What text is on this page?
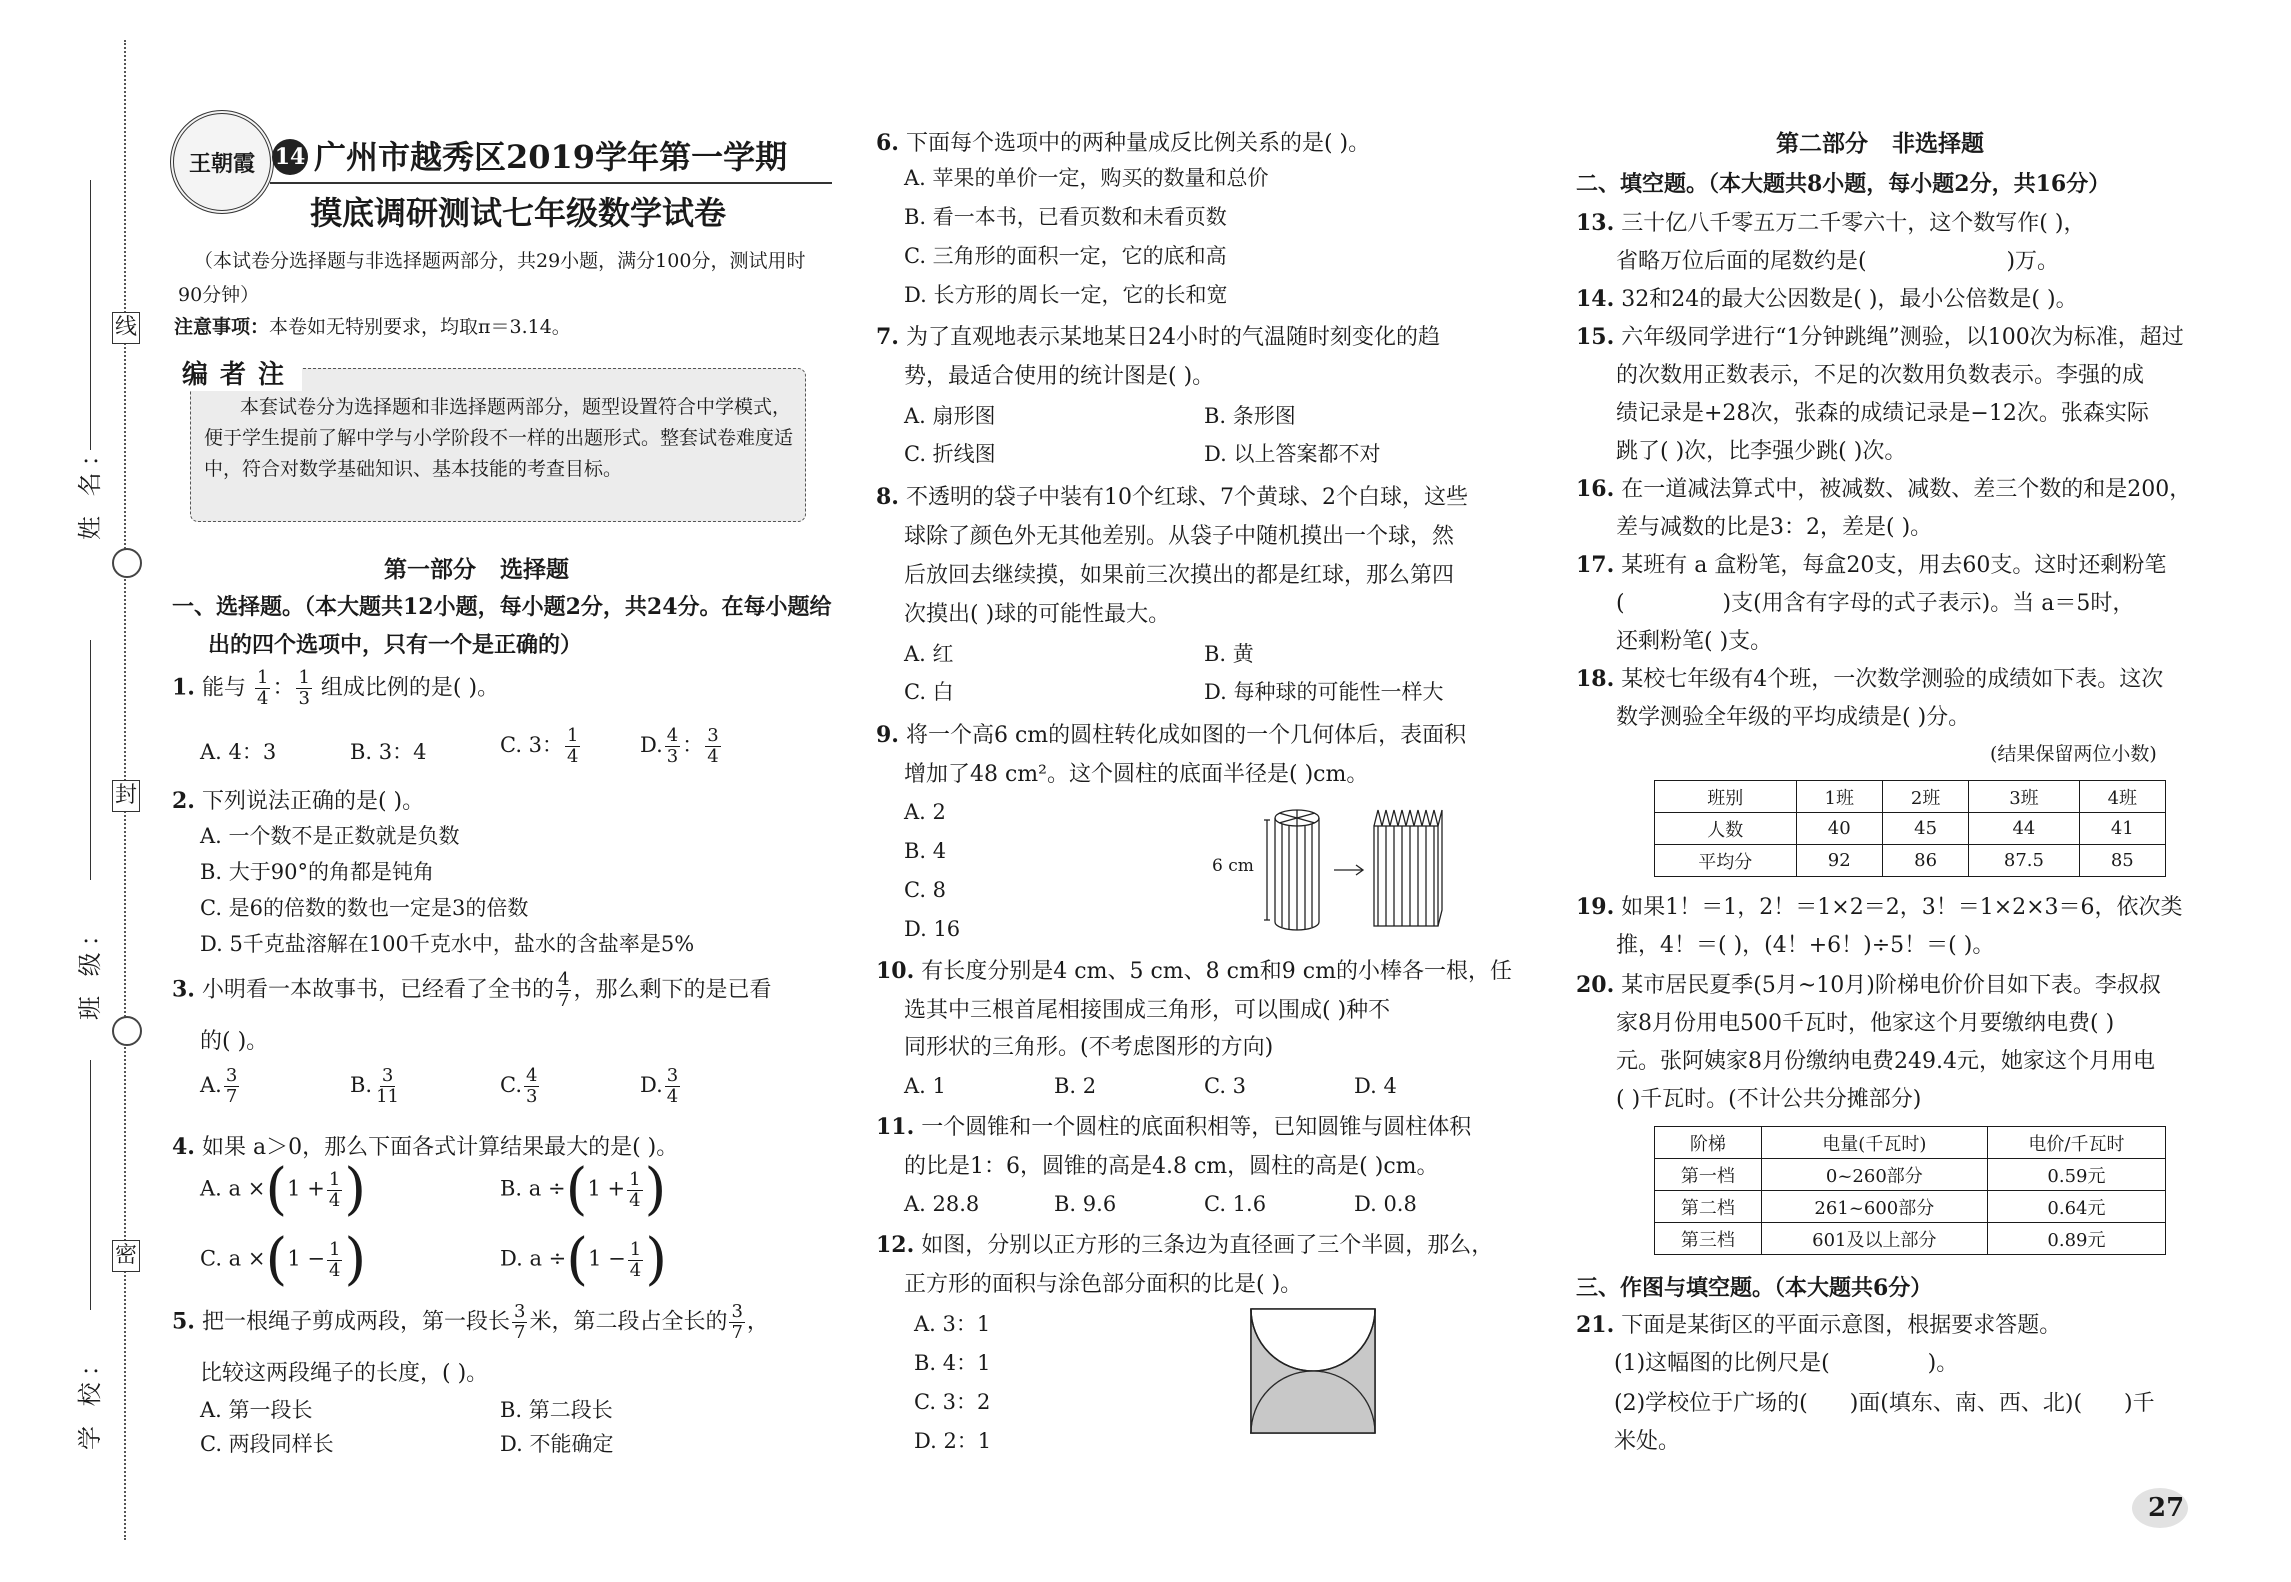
线
封
密
姓 名：
班 级：
学 校：
王朝霞 14 广州市越秀区2019学年第一学期
摸底调研测试七年级数学试卷
（本试卷分选择题与非选择题两部分，共29小题，满分100分，测试用时90分钟）
注意事项：本卷如无特别要求，均取π＝3.14。
编者注
本套试卷分为选择题和非选择题两部分，题型设置符合中学模式，便于学生提前了解中学与小学阶段不一样的出题形式。整套试卷难度适中，符合对数学基础知识、基本技能的考查目标。
第一部分   选择题
一、选择题。（本大题共12小题，每小题2分，共24分。在每小题给出的四个选项中，只有一个是正确的）
1. 能与 $\frac{1}{4}$ ： $\frac{1}{3}$ 组成比例的是( )。
A. 4：3	B. 3：4	C. 3： $\frac{1}{4}$	D. $\frac{4}{3}$ ： $\frac{3}{4}$
2. 下列说法正确的是( )。
A. 一个数不是正数就是负数
B. 大于90°的角都是钝角
C. 是6的倍数的数也一定是3的倍数
D. 5千克盐溶解在100千克水中，盐水的含盐率是5%
3. 小明看一本故事书，已经看了全书的 $\frac{4}{7}$ ，那么剩下的是已看
的( )。
A. $\frac{3}{7}$	B. $\frac{3}{11}$	C. $\frac{4}{3}$	D. $\frac{3}{4}$
4. 如果 a＞0，那么下面各式计算结果最大的是( )。
A. $a \times(1 + \frac{1}{4}$ )	B. $a \div(1 + \frac{1}{4}$ )
C. $a \times(1 - \frac{1}{4}$ )	D. $a \div(1 - \frac{1}{4}$ )
5. 把一根绳子剪成两段，第一段长 $\frac{3}{7}$ 米，第二段占全长的 $\frac{3}{7}$ ，
比较这两段绳子的长度，( )。
A. 第一段长	B. 第二段长
C. 两段同样长	D. 不能确定
6. 下面每个选项中的两种量成反比例关系的是( )。
A. 苹果的单价一定，购买的数量和总价
B. 看一本书，已看页数和未看页数
C. 三角形的面积一定，它的底和高
D. 长方形的周长一定，它的长和宽
7. 为了直观地表示某地某日24小时的气温随时刻变化的趋
势，最适合使用的统计图是( )。
A. 扇形图	B. 条形图
C. 折线图	D. 以上答案都不对
8. 不透明的袋子中装有10个红球、7个黄球、2个白球，这些
球除了颜色外无其他差别。从袋子中随机摸出一个球，然
后放回去继续摸，如果前三次摸出的都是红球，那么第四
次摸出( )球的可能性最大。
A. 红	B. 黄
C. 白	D. 每种球的可能性一样大
9. 将一个高6 cm的圆柱转化成如图的一个几何体后，表面积
增加了48 cm²。这个圆柱的底面半径是( )cm。
A. 2
B. 4
C. 8
D. 16
6 cm
10. 有长度分别是4 cm、5 cm、8 cm和9 cm的小棒各一根，任
选其中三根首尾相接围成三角形，可以围成( )种不
同形状的三角形。(不考虑图形的方向)
A. 1	B. 2	C. 3	D. 4
11. 一个圆锥和一个圆柱的底面积相等，已知圆锥与圆柱体积
的比是1：6，圆锥的高是4.8 cm，圆柱的高是( )cm。
A. 28.8	B. 9.6	C. 1.6	D. 0.8
12. 如图，分别以正方形的三条边为直径画了三个半圆，那么，
正方形的面积与涂色部分面积的比是( )。
A. 3：1
B. 4：1
C. 3：2
D. 2：1
第二部分   非选择题
二、填空题。（本大题共8小题，每小题2分，共16分）
13. 三十亿八千零五万二千零六十，这个数写作( )，
省略万位后面的尾数约是(                    )万。
14. 32和24的最大公因数是( )，最小公倍数是( )。
15. 六年级同学进行“1分钟跳绳”测验，以100次为标准，超过
的次数用正数表示，不足的次数用负数表示。李强的成
绩记录是+28次，张森的成绩记录是−12次。张森实际
跳了( )次，比李强少跳( )次。
16. 在一道减法算式中，被减数、减数、差三个数的和是200，
差与减数的比是3：2，差是( )。
17. 某班有 a 盒粉笔，每盒20支，用去60支。这时还剩粉笔
(              )支(用含有字母的式子表示)。当 a＝5时，
还剩粉笔( )支。
18. 某校七年级有4个班，一次数学测验的成绩如下表。这次
数学测验全年级的平均成绩是( )分。
(结果保留两位小数)
班别	1班	2班	3班	4班
人数	40	45	44	41
平均分	92	86	87.5	85
19. 如果1！＝1，2！＝1×2＝2，3！＝1×2×3＝6，依次类
推，4！＝( )，(4！+6！)÷5！＝( )。
20. 某市居民夏季(5月~10月)阶梯电价价目如下表。李叔叔
家8月份用电500千瓦时，他家这个月要缴纳电费( )
元。张阿姨家8月份缴纳电费249.4元，她家这个月用电
( )千瓦时。(不计公共分摊部分)
阶梯	电量(千瓦时)	电价/千瓦时
第一档	0~260部分	0.59元
第二档	261~600部分	0.64元
第三档	601及以上部分	0.89元
三、作图与填空题。（本大题共6分）
21. 下面是某街区的平面示意图，根据要求答题。
(1)这幅图的比例尺是(              )。
(2)学校位于广场的(      )面(填东、南、西、北)(      )千
米处。
27
